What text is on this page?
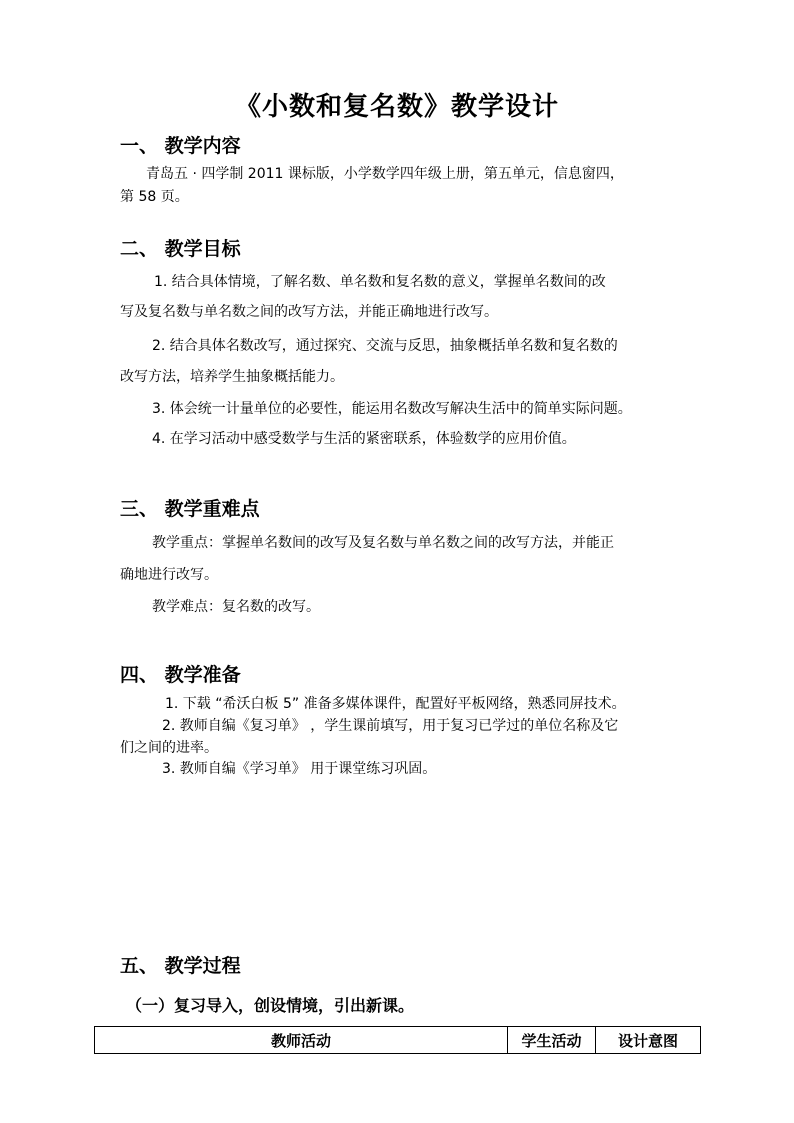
《小数和复名数》教学设计
一、 教学内容
青岛五 · 四学制 2011 课标版，小学数学四年级上册，第五单元，信息窗四，
第 58 页。
二、 教学目标
1. 结合具体情境，了解名数、单名数和复名数的意义，掌握单名数间的改
写及复名数与单名数之间的改写方法，并能正确地进行改写。
2. 结合具体名数改写，通过探究、交流与反思，抽象概括单名数和复名数的
改写方法，培养学生抽象概括能力。
3. 体会统一计量单位的必要性，能运用名数改写解决生活中的简单实际问题。
4. 在学习活动中感受数学与生活的紧密联系，体验数学的应用价值。
三、 教学重难点
教学重点：掌握单名数间的改写及复名数与单名数之间的改写方法，并能正
确地进行改写。
教学难点：复名数的改写。
四、 教学准备
1. 下载 “希沃白板 5” 准备多媒体课件，配置好平板网络，熟悉同屏技术。
2. 教师自编《复习单》 ，学生课前填写，用于复习已学过的单位名称及它
们之间的进率。
3. 教师自编《学习单》 用于课堂练习巩固。
五、 教学过程
（一）复习导入，创设情境，引出新课。
教师活动	学生活动	设计意图
